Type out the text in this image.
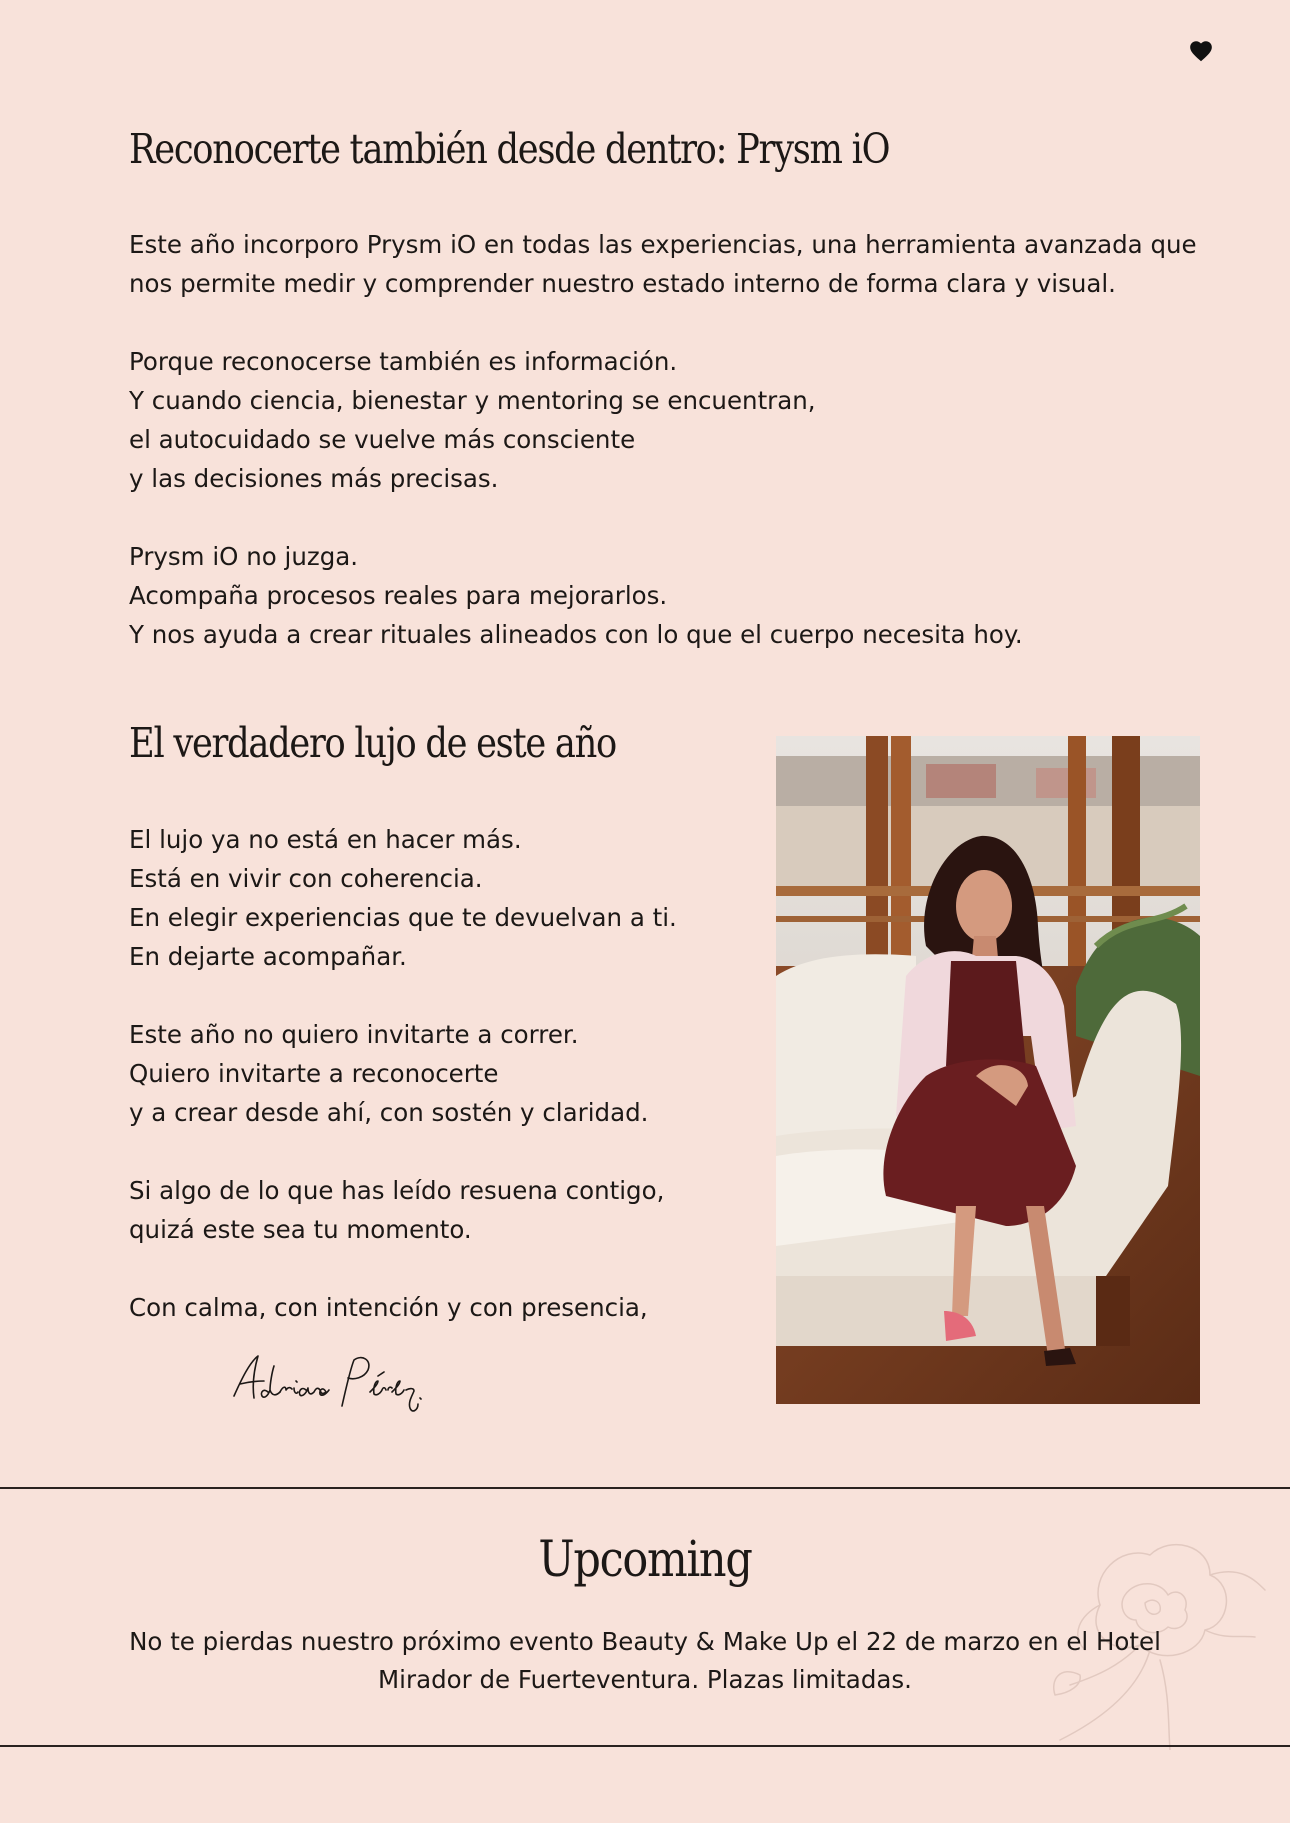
Reconocerte también desde dentro: Prysm iO

Este año incorporo Prysm iO en todas las experiencias, una herramienta avanzada que
nos permite medir y comprender nuestro estado interno de forma clara y visual.

Porque reconocerse también es información.
Y cuando ciencia, bienestar y mentoring se encuentran,
el autocuidado se vuelve más consciente
y las decisiones más precisas.

Prysm iO no juzga.
Acompaña procesos reales para mejorarlos.
Y nos ayuda a crear rituales alineados con lo que el cuerpo necesita hoy.

El verdadero lujo de este año

El lujo ya no está en hacer más.
Está en vivir con coherencia.
En elegir experiencias que te devuelvan a ti.
En dejarte acompañar.

Este año no quiero invitarte a correr.
Quiero invitarte a reconocerte
y a crear desde ahí, con sostén y claridad.

Si algo de lo que has leído resuena contigo,
quizá este sea tu momento.

Con calma, con intención y con presencia,

Upcoming

No te pierdas nuestro próximo evento Beauty & Make Up el 22 de marzo en el Hotel
Mirador de Fuerteventura. Plazas limitadas.
